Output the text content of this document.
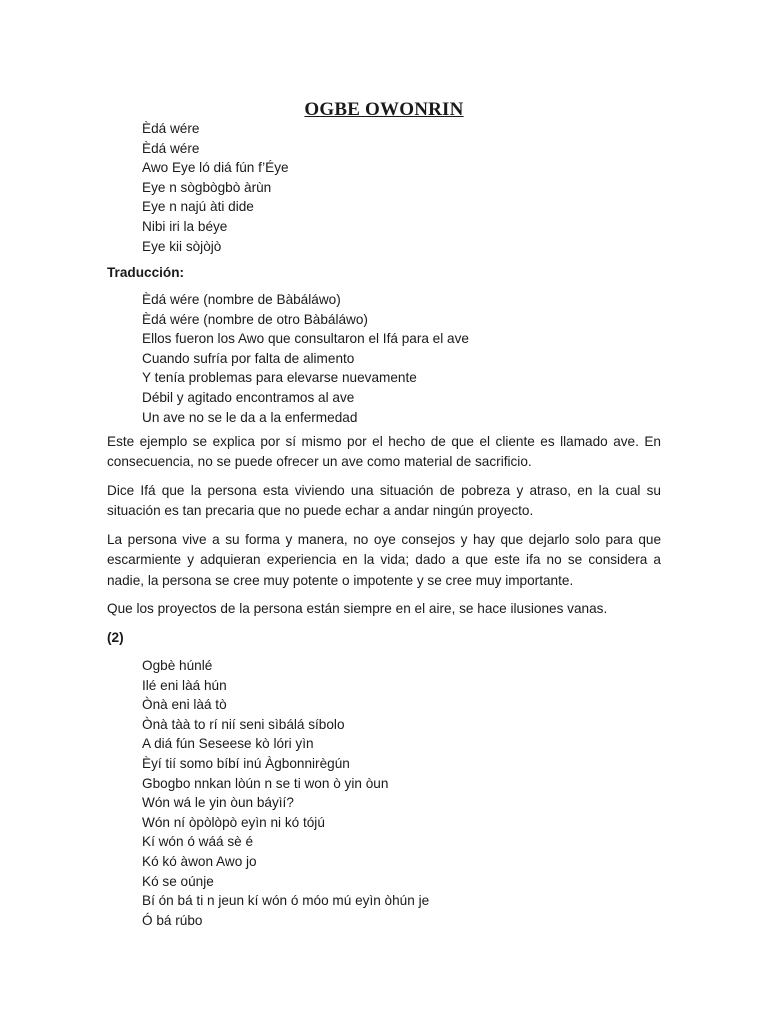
OGBE OWONRIN
Èdá wére
Èdá wére
Awo Eye ló diá fún f’Éye
Eye n sògbògbò àrùn
Eye n najú àti dide
Nibi iri la béye
Eye kii sòjòjò
Traducción:
Èdá wére (nombre de Bàbáláwo)
Èdá wére (nombre de otro Bàbáláwo)
Ellos fueron los Awo que consultaron el Ifá para el ave
Cuando sufría por falta de alimento
Y tenía problemas para elevarse nuevamente
Débil y agitado encontramos al ave
Un ave no se le da a la enfermedad

Este ejemplo se explica por sí mismo por el hecho de que el cliente es llamado ave. En consecuencia, no se puede ofrecer un ave como material de sacrificio.

Dice Ifá que la persona esta viviendo una situación de pobreza y atraso, en la cual su situación es tan precaria que no puede echar a andar ningún proyecto.

La persona vive a su forma y manera, no oye consejos y hay que dejarlo solo para que escarmiente y adquieran experiencia en la vida; dado a que este ifa no se considera a nadie, la persona se cree muy potente o impotente y se cree muy importante.

Que los proyectos de la persona están siempre en el aire, se hace ilusiones vanas.

(2)
Ogbè húnlé
Ilé eni làá hún
Ònà eni làá tò
Ònà tàà to rí nií seni sìbálá síbolo
A diá fún Seseese kò lóri yìn
Èyí tií somo bíbí inú Àgbonnirègún
Gbogbo nnkan lòún n se ti won ò yin òun
Wón wá le yin òun báyìí?
Wón ní òpòlòpò eyìn ni kó tójú
Kí wón ó wáá sè é
Kó kó àwon Awo jo
Kó se oúnje
Bí ón bá ti n jeun kí wón ó móo mú eyìn òhún je
Ó bá rúbo
